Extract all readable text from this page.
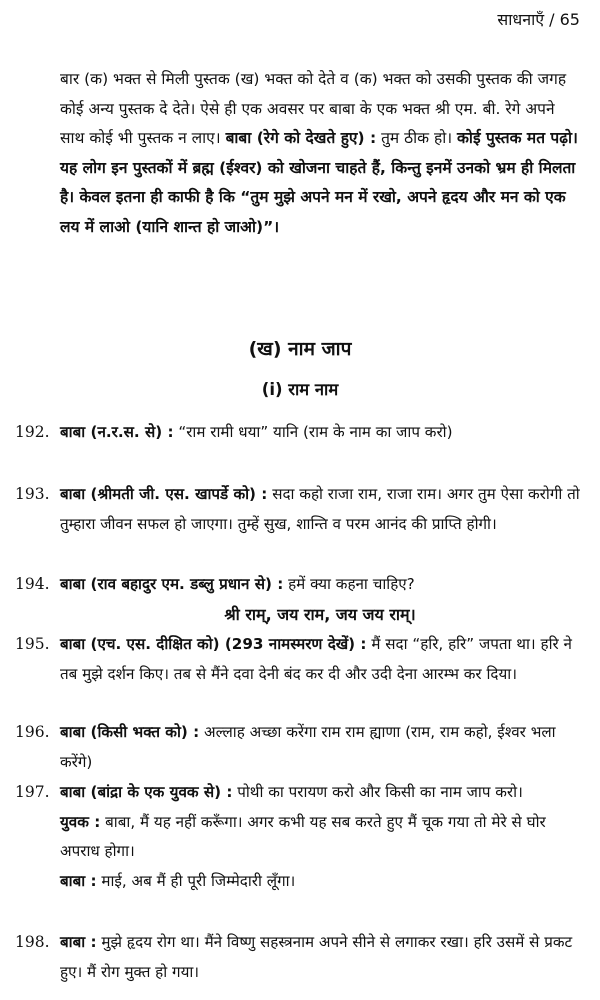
साधनाएँ / 65
बार (क) भक्त से मिली पुस्तक (ख) भक्त को देते व (क) भक्त को उसकी पुस्तक की जगह कोई अन्य पुस्तक दे देते। ऐसे ही एक अवसर पर बाबा के एक भक्त श्री एम. बी. रेगे अपने साथ कोई भी पुस्तक न लाए। बाबा (रेगे को देखते हुए) : तुम ठीक हो। कोई पुस्तक मत पढ़ो। यह लोग इन पुस्तकों में ब्रह्म (ईश्वर) को खोजना चाहते हैं, किन्तु इनमें उनको भ्रम ही मिलता है। केवल इतना ही काफी है कि “तुम मुझे अपने मन में रखो, अपने हृदय और मन को एक लय में लाओ (यानि शान्त हो जाओ)”।
(ख) नाम जाप
(i) राम नाम
192. बाबा (न.र.स. से) : “राम रामी धया” यानि (राम के नाम का जाप करो)
193. बाबा (श्रीमती जी. एस. खापर्डे को) : सदा कहो राजा राम, राजा राम। अगर तुम ऐसा करोगी तो तुम्हारा जीवन सफल हो जाएगा। तुम्हें सुख, शान्ति व परम आनंद की प्राप्ति होगी।
194. बाबा (राव बहादुर एम. डब्लु प्रधान से) : हमें क्या कहना चाहिए?
श्री राम्, जय राम, जय जय राम्।
195. बाबा (एच. एस. दीक्षित को) (293 नामस्मरण देखें) : मैं सदा “हरि, हरि” जपता था। हरि ने तब मुझे दर्शन किए। तब से मैंने दवा देनी बंद कर दी और उदी देना आरम्भ कर दिया।
196. बाबा (किसी भक्त को) : अल्लाह अच्छा करेंगा राम राम ह्याणा (राम, राम कहो, ईश्वर भला करेंगे)
197. बाबा (बांद्रा के एक युवक से) : पोथी का परायण करो और किसी का नाम जाप करो।
युवक : बाबा, मैं यह नहीं करूँगा। अगर कभी यह सब करते हुए मैं चूक गया तो मेरे से घोर अपराध होगा।
बाबा : माई, अब मैं ही पूरी जिम्मेदारी लूँगा।
198. बाबा : मुझे हृदय रोग था। मैंने विष्णु सहस्त्रनाम अपने सीने से लगाकर रखा। हरि उसमें से प्रकट हुए। मैं रोग मुक्त हो गया।
